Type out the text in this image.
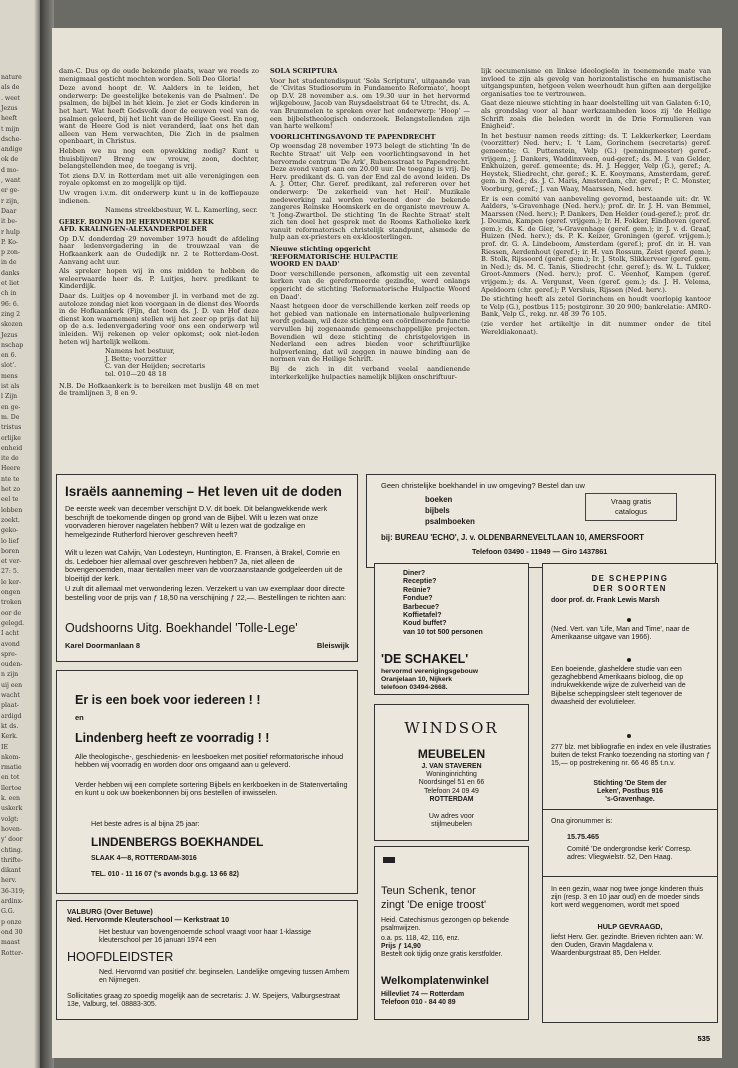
nature
als de
. weet
Jezus
heeft
t mijn
dsche-
andige
ok de
d mo-
, want
er ge-
r zijn,
Daar
it be-
r hulp
P. Ko-
p zon-
in de
danks
et liet
ch in
96: 6.
zing 2
skozen
Jezus
nschap
en 6.
slot'.
mens
ist als
l Zijn
en ge-
m. De
tristus
erlijke
enheid
ite de
Heere
nte te
het zo
eel te
lebben
zoekt.
geko-
lo lief
boren
et ver-
27: 5.
le ker-
ongen
troken
oor de
gelegd.
I acht
avond
spre-
ouden-
n zijn
uij een
wacht
plaat-
ardigd
kt ds.
Kerk.
IE
nkom-
rmatie
en tot
llertoe
k. een
uskerk
volgt:
hoven-
y' door
chting.
thrifte-
dikant
herv.
36-319;
ardinx-
G.G.
p onze
ond 30
maast
Rotter-

dam-C. Dus op de oude bekende plaats, waar we reeds zo menigmaal gesticht mochten worden. Soli Deo Gloria!

Deze avond hoopt dr. W. Aalders in te leiden, het onderwerp: De geestelijke betekenis van de Psalmen'. De psalmen, de bijbel in het klein. Je ziet er Gods kinderen in het hart. Wat heeft Godsvolk door de eeuwen veel van de psalmen geleerd, bij het licht van de Heilige Geest. En nog, want de Heere God is niet veranderd, laat ons het dan alleen van Hem verwachten, Die Zich in de psalmen openbaart, in Christus.

Hebben we nu nog een opwekking nodig? Kunt u thuisblijven? Breng uw vrouw, zoon, dochter, belangstellenden mee, de toegang is vrij.

Tot ziens D.V. in Rotterdam met uit alle verenigingen een royale opkomst en zo mogelijk op tijd.

Uw vragen i.v.m. dit onderwerp kunt u in de koffiepauze indienen.

Namens streekbestuur, W. L. Kamerling, secr.

GEREF. BOND IN DE HERVORMDE KERK

AFD. KRALINGEN-ALEXANDERPOLDER

Op D.V. donderdag 29 november 1973 houdt de afdeling haar ledenvergadering in de trouwzaal van de Hofkaankerk aan de Oudedijk nr. 2 te Rotterdam-Oost. Aanvang acht uur.

Als spreker hopen wij in ons midden te hebben de weleerwaarde heer ds. P. Luitjes, herv. predikant te Kinderdijk.

Daar ds. Luitjes op 4 november jl. in verband met de zg. autoloze zondag niet kon voorgaan in de dienst des Woords in de Hofkaankerk (Fijn, dat toen ds. J. D. van Hof deze dienst kon waarnemen) stellen wij het zeer op prijs dat hij op de a.s. ledenvergadering voor ons een onderwerp wil inleiden. Wij rekenen op veler opkomst; ook niet-leden heten wij hartelijk welkom.

Namens het bestuur,

J. Bette; voorzitter

C. van der Heijden; secretaris

tel. 010—20 48 18

N.B. De Hofkaankerk is te bereiken met buslijn 48 en met de tramlijnen 3, 8 en 9.

SOLA SCRIPTURA

Voor het studentendispuut 'Sola Scriptura', uitgaande van de 'Civitas Studiosorum in Fundamento Reformato', hoopt op D.V. 28 november a.s. om 19.30 uur in het hervormd wijkgebouw, Jacob van Ruysdaelstraat 64 te Utrecht, ds. A. van Brummelen te spreken over het onderwerp: 'Hoop' — een bijbelstheologisch onderzoek. Belangstellenden zijn van harte welkom!

VOORLICHTINGSAVOND TE PAPENDRECHT

Op woensdag 28 november 1973 belegt de stichting 'In de Rechte Straat' uit Velp een voorlichtingsavond in het hervormde centrum 'De Ark', Rubensstraat te Papendrecht. Deze avond vangt aan om 20.00 uur. De toegang is vrij. De Herv. predikant ds. G. van der End zal de avond leiden. Ds A. J. Otter, Chr. Geref. predikant, zal refereren over het onderwerp: 'De zekerheid van het Heil'. Muzikale medewerking zal worden verleend door de bekende zangeres Reinske Hoomskerk en de organiste mevrouw A. 't Jong-Zwartbol. De stichting 'In de Rechte Straat' stelt zich ten doel het gesprek met de Rooms Katholieke kerk vanuit reformatorisch christelijk standpunt, alsmede de hulp aan ex-priesters en ex-kloosterlingen.

Nieuwe stichting opgericht

'REFORMATORISCHE HULPACTIE

WOORD EN DAAD'

Door verschillende personen, afkomstig uit een zevental kerken van de gereformeerde gezindte, werd onlangs opgericht de stichting 'Reformatorische Hulpactie Woord en Daad'.

Naast hetgeen door de verschillende kerken zelf reeds op het gebied van nationale en internationale hulpverlening wordt gedaan, wil deze stichting een coördinerende functie vervullen bij zogenaamde gemeenschappelijke projecten. Bovendien wil deze stichting de christgelovigen in Nederland een adres bieden voor schriftuurlijke hulpverlening, dat wil zeggen in nauwe binding aan de normen van de Heilige Schrift.

Bij de zich in dit verband veelal aandienende interkerkelijke hulpacties namelijk blijken onschriftuur-

lijk oecumenisme en linkse ideologieën in toenemende mate van invloed te zijn als gevolg van horizontalistische en humanistische uitgangspunten, hetgeen velen weerhoudt hun giften aan dergelijke organisaties toe te vertrouwen.

Gaat deze nieuwe stichting in haar doelstelling uit van Galaten 6:10, als grondslag voor al haar werkzaamheden koos zij 'de Heilige Schrift zoals die beleden wordt in de Drie Formulieren van Enigheid'.

In het bestuur namen reeds zitting: ds. T. Lekkerkerker, Leerdam (voorzitter) Ned. herv.; I. 't Lam, Gorinchem (secretaris) geref. gemeente; G. Puttenstein, Velp (G.) (penningmeester) geref.-vrijgem.; J. Dankers, Waddinxveen, oud-geref.; ds. M. J. van Gelder, Enkhuizen, geref. gemeente; ds. H. J. Hegger, Velp (G.), geref.; A. Heystek, Sliedrecht, chr. geref.; K. E. Kooymans, Amsterdam, geref. gem. in Ned.; ds. J. C. Maris, Amsterdam, chr. geref.; P. C. Monster, Voorburg, geref.; J. van Waay, Maarssen, Ned. herv.

Er is een comité van aanbeveling gevormd, bestaande uit: dr. W. Aalders, 's-Gravenhage (Ned. herv.); prof. dr. Ir. J. H. van Bemmel, Maarssen (Ned. herv.); P. Dankers, Den Helder (oud-geref.); prof. dr. J. Douma, Kampen (geref. vrijgem.); Ir. H. Fokker, Eindhoven (geref. gem.); ds. K. de Gier, 's-Gravenhage (geref. gem.); ir. J. v. d. Graaf, Huizen (Ned. herv.); ds. P. K. Keizer, Groningen (geref. vrijgem.); prof. dr. G. A. Lindeboom, Amsterdam (geref.); prof. dr. ir. H. van Riessen, Aerdenhout (geref.); ir. H. van Rossum, Zeist (geref. gem.); B. Stolk, Rijssoord (geref. gem.); Ir. J. Stolk, Slikkerveer (geref. gem. in Ned.); ds. M. C. Tanis, Sliedrecht (chr. geref.); ds. W. L. Tukker, Groot-Ammers (Ned. herv.); prof. C. Veenhof, Kampen (geref. vrijgem.); ds. A. Vergunst, Veen (geref. gem.); ds. J. H. Velema, Apeldoorn (chr. geref.); P. Versluis, Rijssen (Ned. herv.).

De stichting heeft als zetel Gorinchem en houdt voorlopig kantoor te Velp (G.), postbus 115; postgironr. 30 20 900; bankrelatie: AMRO-Bank, Velp G., rekg. nr. 48 39 76 105.

(zie verder het artikeltje in dit nummer onder de titel Wereldiakonaat).

Israëls aanneming – Het leven uit de doden
De eerste week van december verschijnt D.V. dit boek. Dit belangwekkende werk beschrijft de toekomende dingen op grond van de Bijbel. Wilt u lezen wat onze voorvaderen hierover nagelaten hebben? Wilt u lezen wat de godzalige en hemelgezinde Rutherford hierover geschreven heeft?
Wilt u lezen wat Calvijn, Van Lodesteyn, Huntington, E. Fransen, à Brakel, Comrie en ds. Ledeboer hier allemaal over geschreven hebben? Ja, niet alleen de bovengenoemden, maar tientallen meer van de voorzaanstaande godgeleerden uit de bloeitijd der kerk.
U zult dit allemaal met verwondering lezen. Verzekert u van uw exemplaar door directe bestelling voor de prijs van ƒ 18,50 na verschijning ƒ 22,—. Bestellingen te richten aan:
Oudshoorns Uitg. Boekhandel 'Tolle-Lege'
Karel Doormanlaan 8	Bleiswijk
Geen christelijke boekhandel in uw omgeving? Bestel dan uw
boeken
bijbels
psalmboeken
Vraag gratis
catalogus
bij: BUREAU 'ECHO', J. v. OLDENBARNEVELTLAAN 10, AMERSFOORT
Telefoon 03490 - 11949 — Giro 1437861
Diner?
Receptie?
Reünie?
Fondue?
Barbecue?
Koffietafel?
Koud buffet?
van 10 tot 500 personen
'DE SCHAKEL'
hervormd verenigingsgebouw
Oranjelaan 10, Nijkerk
telefoon 03494-2668.
DE SCHEPPING
DER SOORTEN
door prof. dr. Frank Lewis Marsh
(Ned. Vert. van 'Life, Man and Time', naar de Amerikaanse uitgave van 1966).
Een boeiende, glasheldere studie van een gezaghebbend Amerikaans bioloog, die op indrukwekkende wijze de zulverheid van de Bijbelse scheppingsleer stelt tegenover de dwaasheid der evolutieleer.
277 blz. met bibliografie en index en vele illustraties buiten de tekst Franko toezending na storting van ƒ 15,— op postrekening nr. 66 46 85 t.n.v.
Stichting 'De Stem der
Leken', Postbus 916
's-Gravenhage.
Ona gironummer is:
15.75.465
Comité 'De ondergrondse kerk' Corresp. adres: Vliegwielstr. 52, Den Haag.
In een gezin, waar nog twee jonge kinderen thuis zijn (resp. 3 en 10 jaar oud) en de moeder sinds kort werd weggenomen, wordt met spoed
HULP GEVRAAGD,
liefst Herv. Ger. gezindte. Brieven richten aan: W. den Ouden, Gravin Magdalena v. Waardenburgstraat 85, Den Helder.
Er is een boek voor iedereen ! !
en
Lindenberg heeft ze voorradig ! !
Alle theologische-, geschiedenis- en leesboeken met positief reformatorische inhoud hebben wij voorradig en worden door ons omgaand aan u geleverd.
Verder hebben wij een complete sortering Bijbels en kerkboeken in de Statenvertaling en kunt u ook uw boekenbonnen bij ons bestellen of inwisselen.
Het beste adres is al bijna 25 jaar:
LINDENBERGS BOEKHANDEL
SLAAK 4—8, ROTTERDAM-3016
TEL. 010 - 11 16 07 ('s avonds b.g.g. 13 66 82)
WINDSOR
MEUBELEN
J. VAN STAVEREN
Woninginrichting
Noordsingel 51 en 66
Telefoon 24 09 49
ROTTERDAM
Uw adres voor
stijlmeubelen
Teun Schenk, tenor
zingt 'De enige troost'
Heid. Catechismus gezongen op bekende psalmwijzen.
o.a. ps. 118, 42, 116, enz.
Prijs ƒ 14,90
Bestelt ook tijdig onze gratis kerstfolder.
Welkomplatenwinkel
Hillevliet 74 — Rotterdam
Telefoon 010 - 84 40 89
VALBURG (Over Betuwe)
Ned. Hervormde Kleuterschool — Kerkstraat 10
Het bestuur van bovengenoemde school vraagt voor haar 1-klassige kleuterschool per 16 januari 1974 een
HOOFDLEIDSTER
Ned. Hervormd van positief chr. beginselen. Landelijke omgeving tussen Arnhem en Nijmegen.
Sollicitaties graag zo spoedig mogelijk aan de secretaris: J. W. Speijers, Valburgsestraat 13e, Valburg, tel. 08883-305.
535
